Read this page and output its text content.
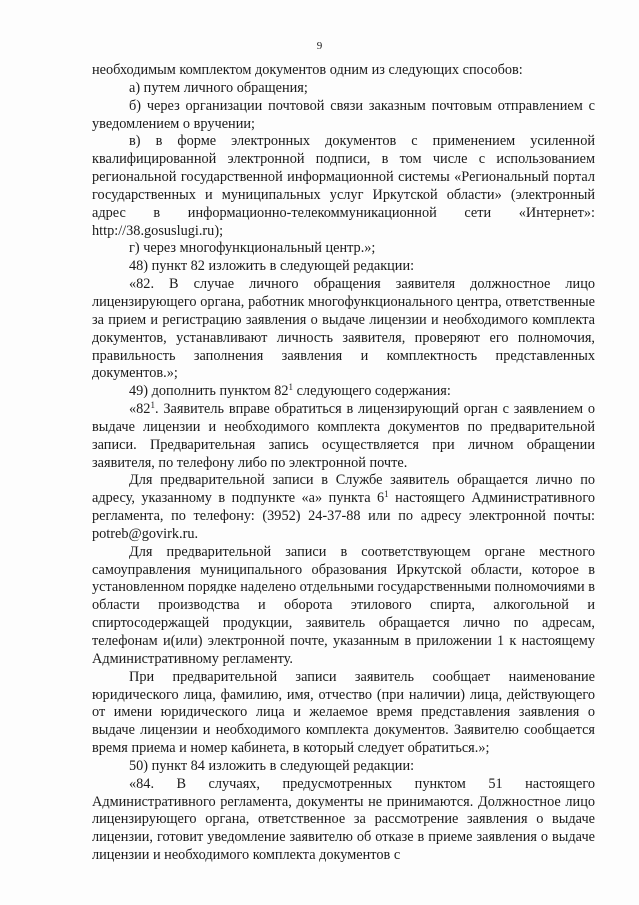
9

необходимым комплектом документов одним из следующих способов:

а) путем личного обращения;

б) через организации почтовой связи заказным почтовым отправлением с уведомлением о вручении;

в) в форме электронных документов с применением усиленной квалифицированной электронной подписи, в том числе с использованием региональной государственной информационной системы «Региональный портал государственных и муниципальных услуг Иркутской области» (электронный адрес в информационно-телекоммуникационной сети «Интернет»: http://38.gosuslugi.ru);

г) через многофункциональный центр.»;

48) пункт 82 изложить в следующей редакции:

«82. В случае личного обращения заявителя должностное лицо лицензирующего органа, работник многофункционального центра, ответственные за прием и регистрацию заявления о выдаче лицензии и необходимого комплекта документов, устанавливают личность заявителя, проверяют его полномочия, правильность заполнения заявления и комплектность представленных документов.»;

49) дополнить пунктом $82^1$ следующего содержания:

«$82^1$. Заявитель вправе обратиться в лицензирующий орган с заявлением о выдаче лицензии и необходимого комплекта документов по предварительной записи. Предварительная запись осуществляется при личном обращении заявителя, по телефону либо по электронной почте.

Для предварительной записи в Службе заявитель обращается лично по адресу, указанному в подпункте «а» пункта $6^1$ настоящего Административного регламента, по телефону: (3952) 24-37-88 или по адресу электронной почты: potreb@govirk.ru.

Для предварительной записи в соответствующем органе местного самоуправления муниципального образования Иркутской области, которое в установленном порядке наделено отдельными государственными полномочиями в области производства и оборота этилового спирта, алкогольной и спиртосодержащей продукции, заявитель обращается лично по адресам, телефонам и(или) электронной почте, указанным в приложении 1 к настоящему Административному регламенту.

При предварительной записи заявитель сообщает наименование юридического лица, фамилию, имя, отчество (при наличии) лица, действующего от имени юридического лица и желаемое время представления заявления о выдаче лицензии и необходимого комплекта документов. Заявителю сообщается время приема и номер кабинета, в который следует обратиться.»;

50) пункт 84 изложить в следующей редакции:

«84. В случаях, предусмотренных пунктом 51 настоящего Административного регламента, документы не принимаются. Должностное лицо лицензирующего органа, ответственное за рассмотрение заявления о выдаче лицензии, готовит уведомление заявителю об отказе в приеме заявления о выдаче лицензии и необходимого комплекта документов с
